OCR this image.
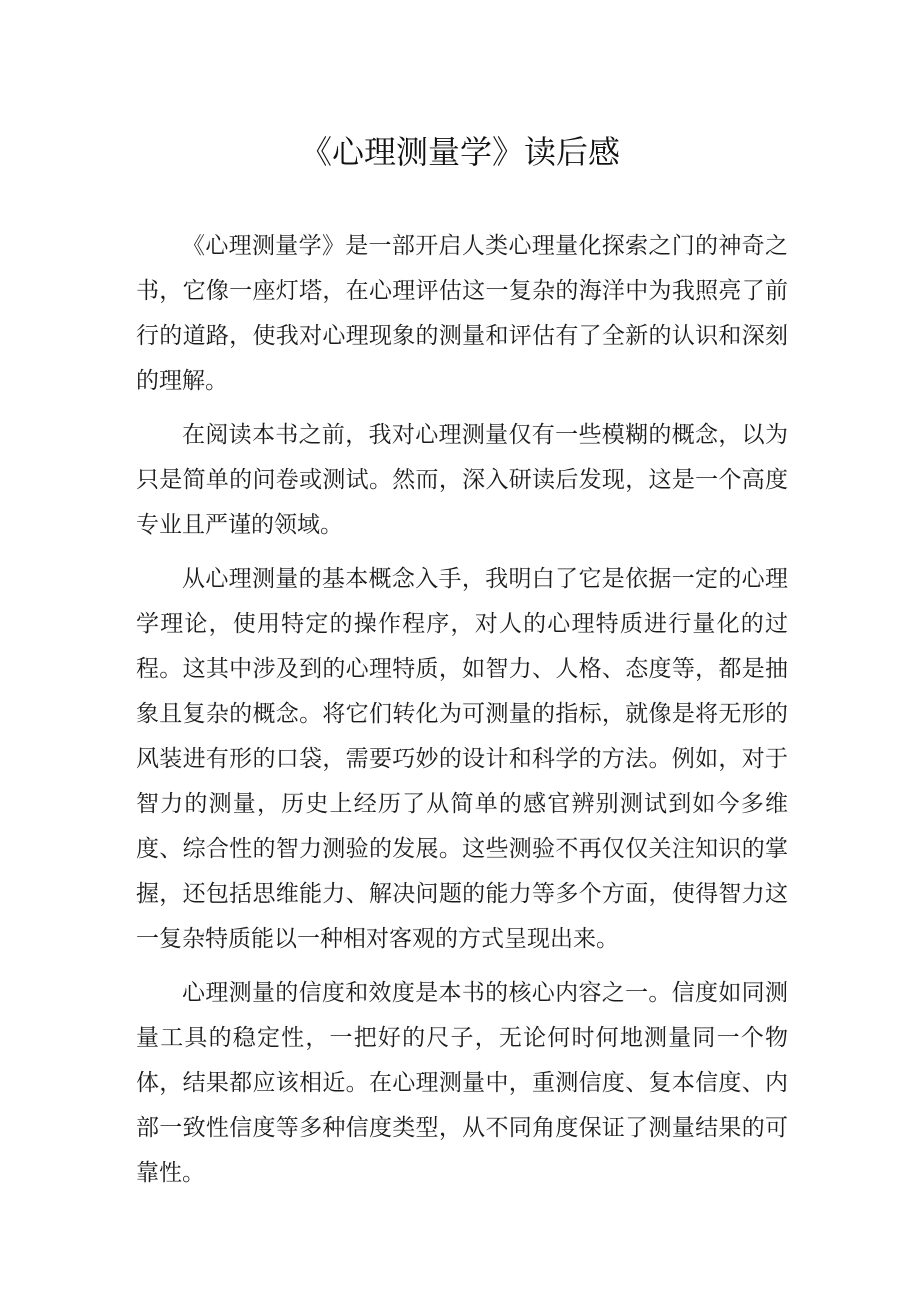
《心理测量学》读后感

《心理测量学》是一部开启人类心理量化探索之门的神奇之书，它像一座灯塔，在心理评估这一复杂的海洋中为我照亮了前行的道路，使我对心理现象的测量和评估有了全新的认识和深刻的理解。

在阅读本书之前，我对心理测量仅有一些模糊的概念，以为只是简单的问卷或测试。然而，深入研读后发现，这是一个高度专业且严谨的领域。

从心理测量的基本概念入手，我明白了它是依据一定的心理学理论，使用特定的操作程序，对人的心理特质进行量化的过程。这其中涉及到的心理特质，如智力、人格、态度等，都是抽象且复杂的概念。将它们转化为可测量的指标，就像是将无形的风装进有形的口袋，需要巧妙的设计和科学的方法。例如，对于智力的测量，历史上经历了从简单的感官辨别测试到如今多维度、综合性的智力测验的发展。这些测验不再仅仅关注知识的掌握，还包括思维能力、解决问题的能力等多个方面，使得智力这一复杂特质能以一种相对客观的方式呈现出来。

心理测量的信度和效度是本书的核心内容之一。信度如同测量工具的稳定性，一把好的尺子，无论何时何地测量同一个物体，结果都应该相近。在心理测量中，重测信度、复本信度、内部一致性信度等多种信度类型，从不同角度保证了测量结果的可靠性。
